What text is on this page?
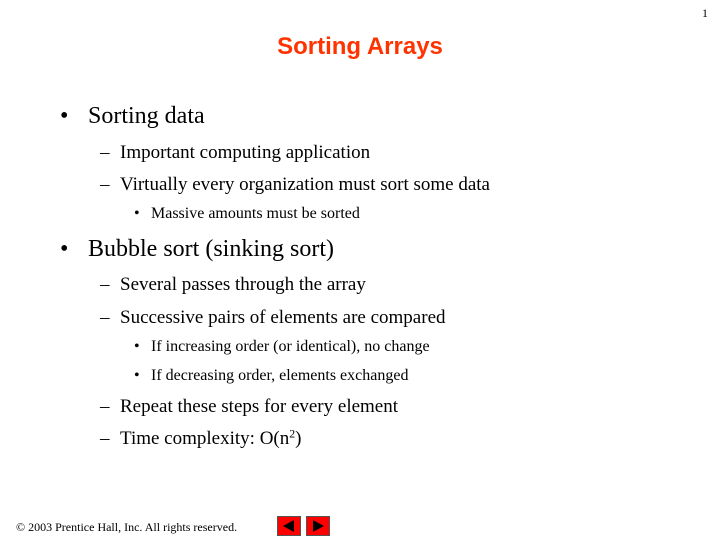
1
Sorting Arrays
• Sorting data
– Important computing application
– Virtually every organization must sort some data
• Massive amounts must be sorted
• Bubble sort (sinking sort)
– Several passes through the array
– Successive pairs of elements are compared
• If increasing order (or identical), no change
• If decreasing order, elements exchanged
– Repeat these steps for every element
– Time complexity: $O(n^2)$
© 2003 Prentice Hall, Inc. All rights reserved.
